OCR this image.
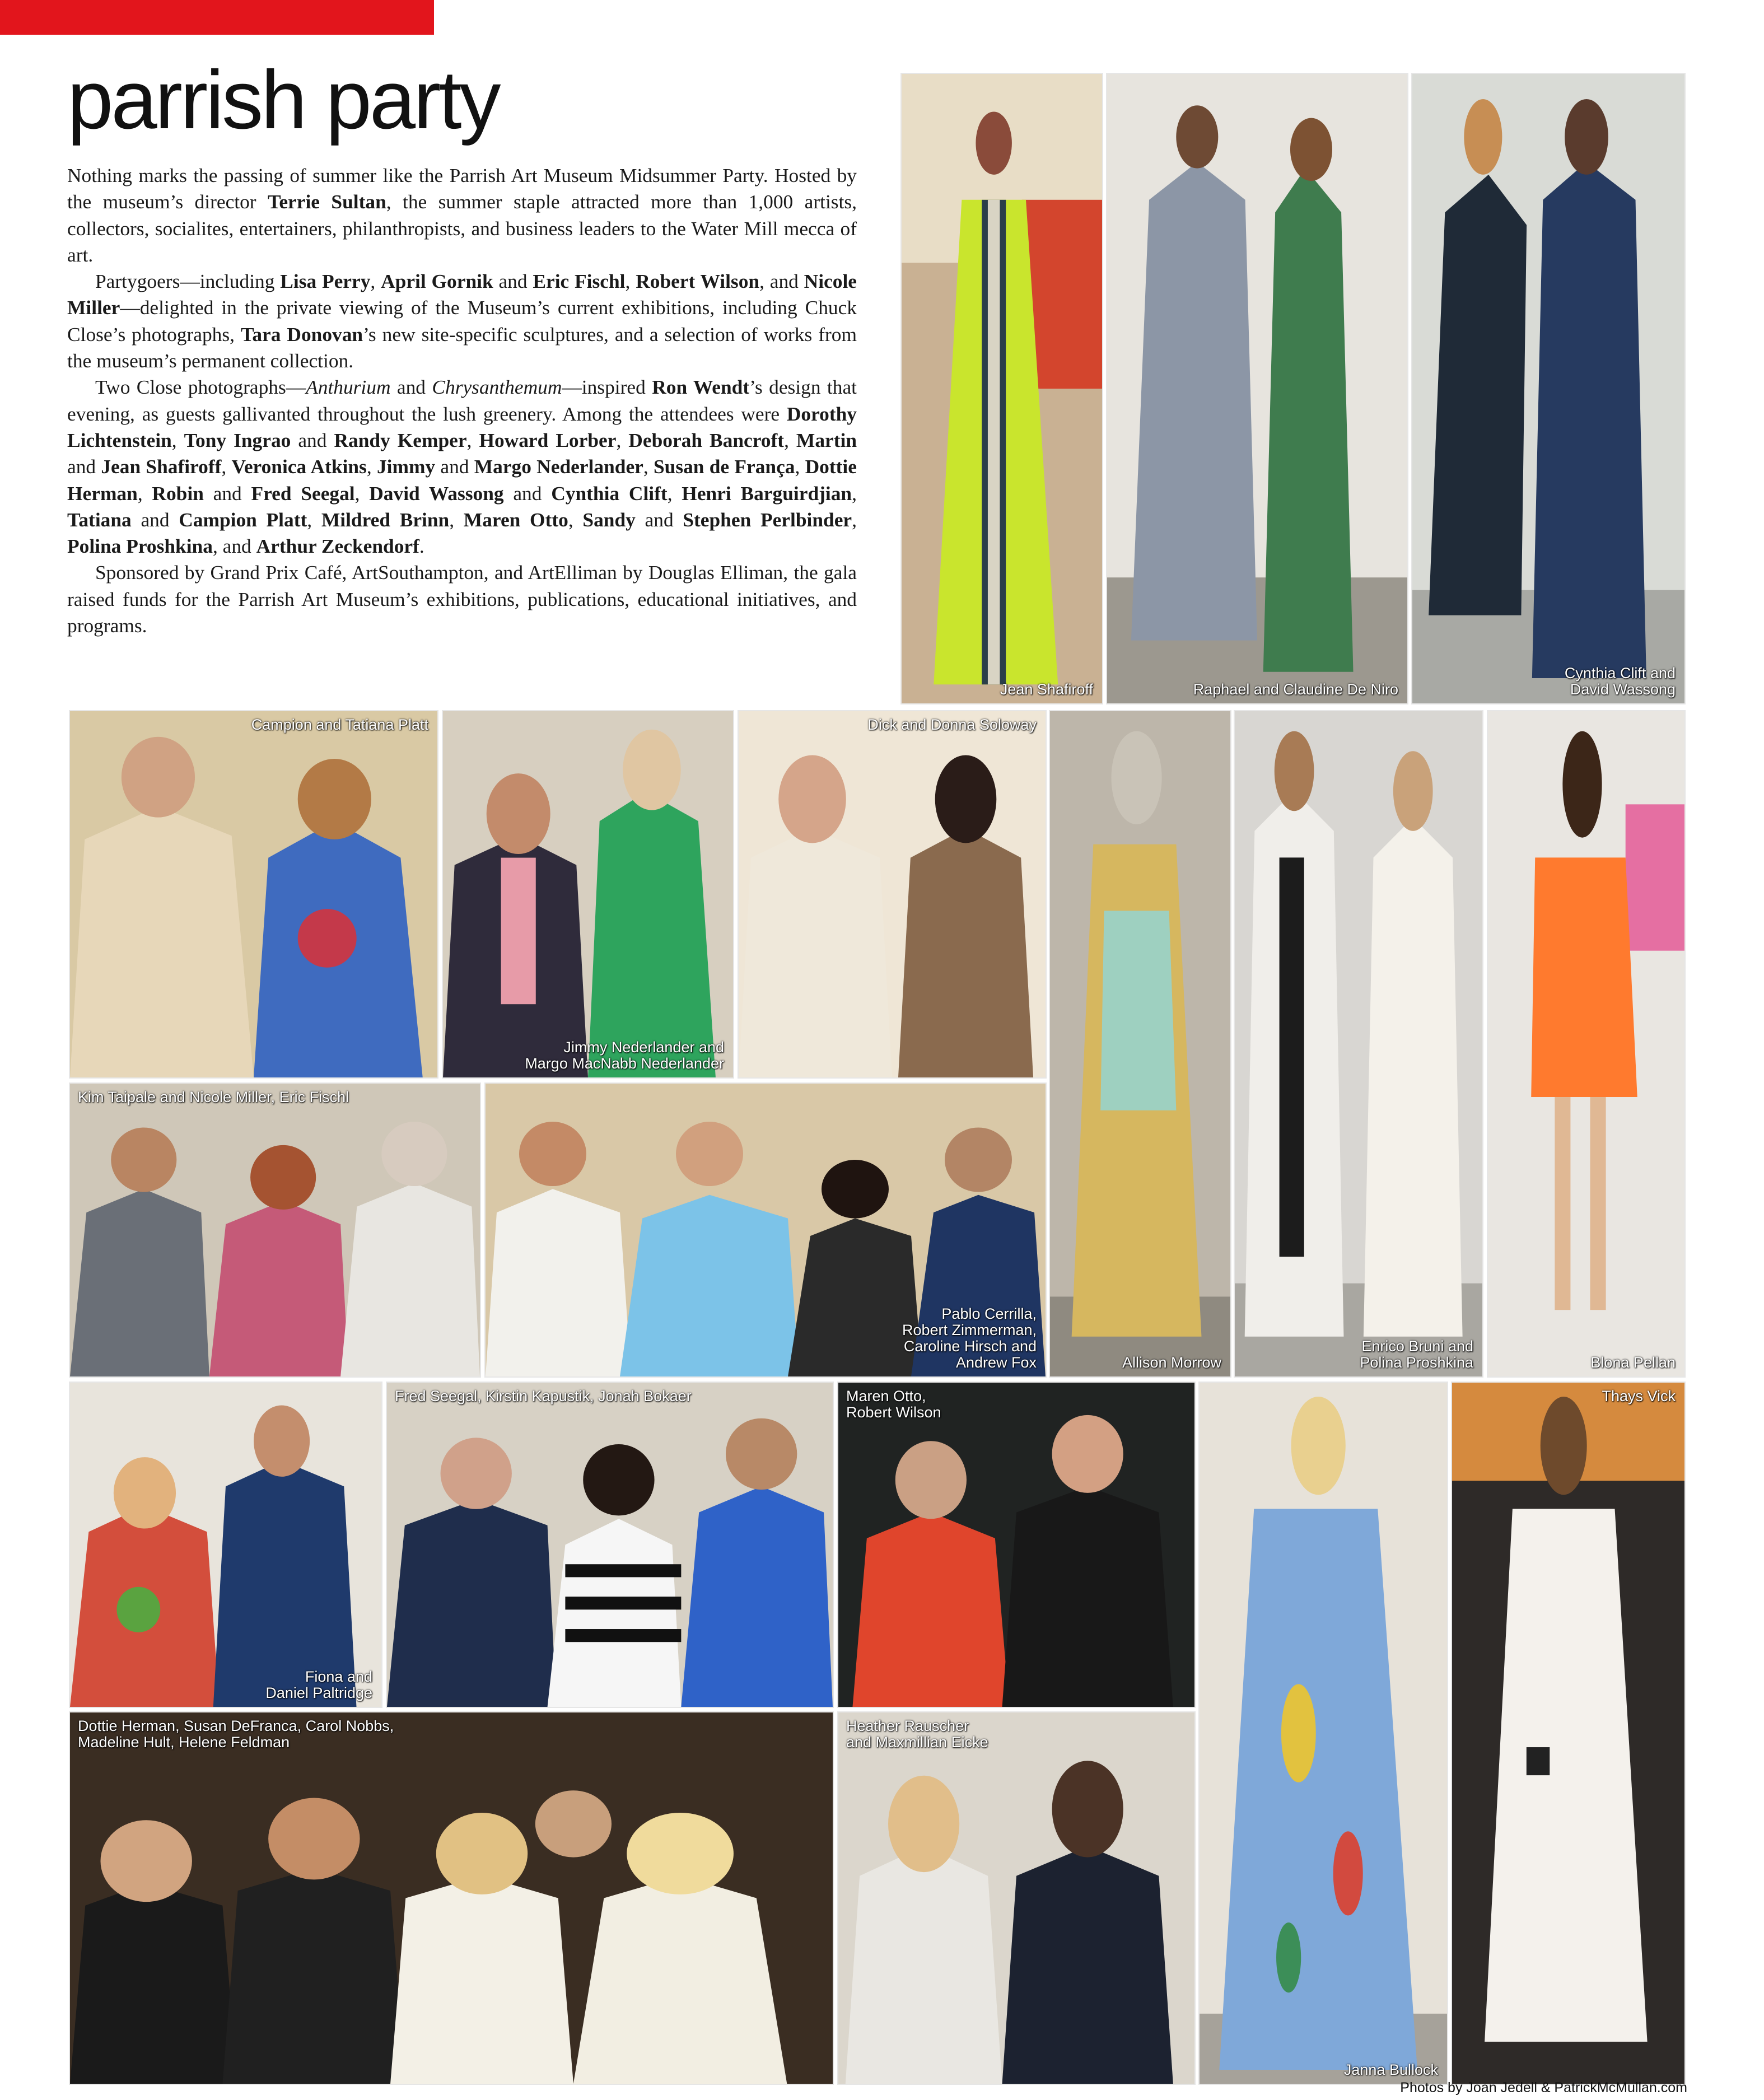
parrish party

Nothing marks the passing of summer like the Parrish Art Museum Midsummer Party. Hosted by the museum’s director Terrie Sultan, the summer staple attracted more than 1,000 artists, collectors, socialites, entertainers, philanthropists, and business leaders to the Water Mill mecca of art.

Partygoers—including Lisa Perry, April Gornik and Eric Fischl, Robert Wilson, and Nicole Miller—delighted in the private viewing of the Museum’s current exhibitions, including Chuck Close’s photographs, Tara Donovan’s new site-specific sculptures, and a selection of works from the museum’s permanent collection.

Two Close photographs—Anthurium and Chrysanthemum—inspired Ron Wendt’s design that evening, as guests gallivanted throughout the lush greenery. Among the attendees were Dorothy Lichtenstein, Tony Ingrao and Randy Kemper, Howard Lorber, Deborah Bancroft, Martin and Jean Shafiroff, Veronica Atkins, Jimmy and Margo Nederlander, Susan de França, Dottie Herman, Robin and Fred Seegal, David Wassong and Cynthia Clift, Henri Barguirdjian, Tatiana and Campion Platt, Mildred Brinn, Maren Otto, Sandy and Stephen Perlbinder, Polina Proshkina, and Arthur Zeckendorf.

Sponsored by Grand Prix Café, ArtSouthampton, and ArtElliman by Douglas Elliman, the gala raised funds for the Parrish Art Museum’s exhibitions, publications, educational initiatives, and programs.

Jean Shafiroff	Raphael and Claudine De Niro
Cynthia Clift and
David Wassong
Campion and Tatiana Platt
Jimmy Nederlander and
Margo MacNabb Nederlander
Dick and Donna Soloway
Allison Morrow
Enrico Bruni and
Polina Proshkina	Blona Pellan
Kim Taipale and Nicole Miller, Eric Fischl
Pablo Cerrilla,
Robert Zimmerman,
Caroline Hirsch and
Andrew Fox
Fiona and
Daniel Paltridge
Fred Seegal, Kirstin Kapustik, Jonah Bokaer	Maren Otto,
Robert Wilson
Janna Bullock
Thays Vick
Dottie Herman, Susan DeFranca, Carol Nobbs,
Madeline Hult, Helene Feldman
Heather Rauscher
and Maxmillian Eicke
Photos by Joan Jedell & PatrickMcMullan.com
